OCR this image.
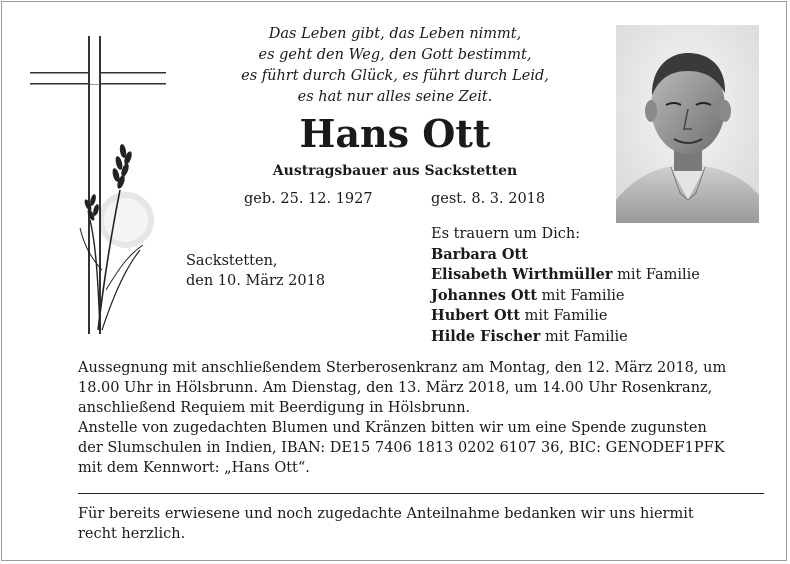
Das Leben gibt, das Leben nimmt,
es geht den Weg, den Gott bestimmt,
es führt durch Glück, es führt durch Leid,
es hat nur alles seine Zeit.
Hans Ott
Austragsbauer aus Sackstetten
geb. 25. 12. 1927	gest. 8. 3. 2018
Sackstetten,
den 10. März 2018
Es trauern um Dich:
Barbara Ott
Elisabeth Wirthmüller mit Familie
Johannes Ott mit Familie
Hubert Ott mit Familie
Hilde Fischer mit Familie
Aussegnung mit anschließendem Sterberosenkranz am Montag, den 12. März 2018, um
18.00 Uhr in Hölsbrunn. Am Dienstag, den 13. März 2018, um 14.00 Uhr Rosenkranz,
anschließend Requiem mit Beerdigung in Hölsbrunn.
Anstelle von zugedachten Blumen und Kränzen bitten wir um eine Spende zugunsten
der Slumschulen in Indien, IBAN: DE15 7406 1813 0202 6107 36, BIC: GENODEF1PFK
mit dem Kennwort: „Hans Ott“.
Für bereits erwiesene und noch zugedachte Anteilnahme bedanken wir uns hiermit
recht herzlich.
